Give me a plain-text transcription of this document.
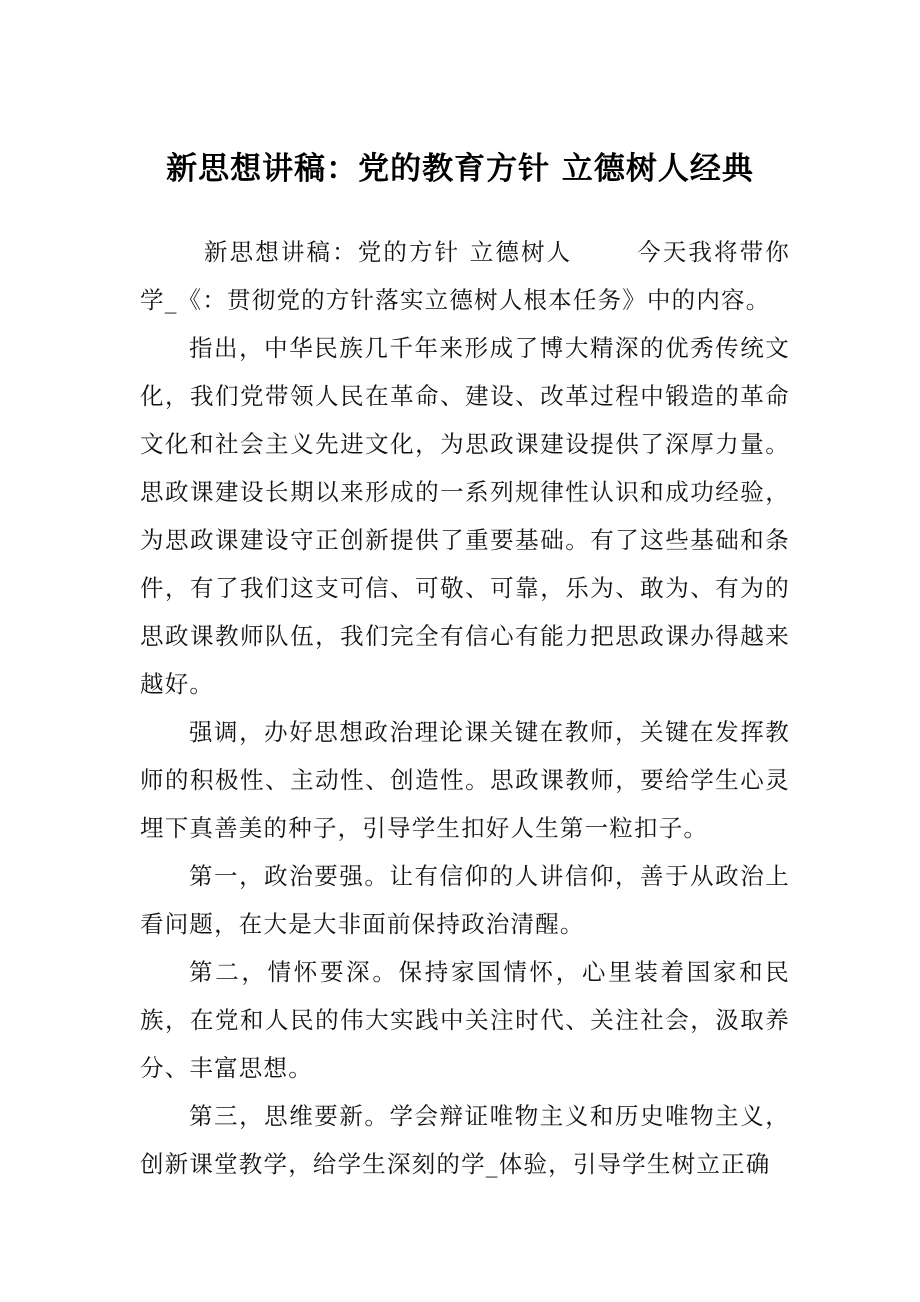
新思想讲稿：党的教育方针 立德树人经典

新思想讲稿：党的方针 立德树人	今天我将带你学_《：贯彻党的方针落实立德树人根本任务》中的内容。

指出，中华民族几千年来形成了博大精深的优秀传统文化，我们党带领人民在革命、建设、改革过程中锻造的革命文化和社会主义先进文化，为思政课建设提供了深厚力量。思政课建设长期以来形成的一系列规律性认识和成功经验，为思政课建设守正创新提供了重要基础。有了这些基础和条件，有了我们这支可信、可敬、可靠，乐为、敢为、有为的思政课教师队伍，我们完全有信心有能力把思政课办得越来越好。

强调，办好思想政治理论课关键在教师，关键在发挥教师的积极性、主动性、创造性。思政课教师，要给学生心灵埋下真善美的种子，引导学生扣好人生第一粒扣子。

第一，政治要强。让有信仰的人讲信仰，善于从政治上看问题，在大是大非面前保持政治清醒。

第二，情怀要深。保持家国情怀，心里装着国家和民族，在党和人民的伟大实践中关注时代、关注社会，汲取养分、丰富思想。

第三，思维要新。学会辩证唯物主义和历史唯物主义，创新课堂教学，给学生深刻的学_体验，引导学生树立正确
